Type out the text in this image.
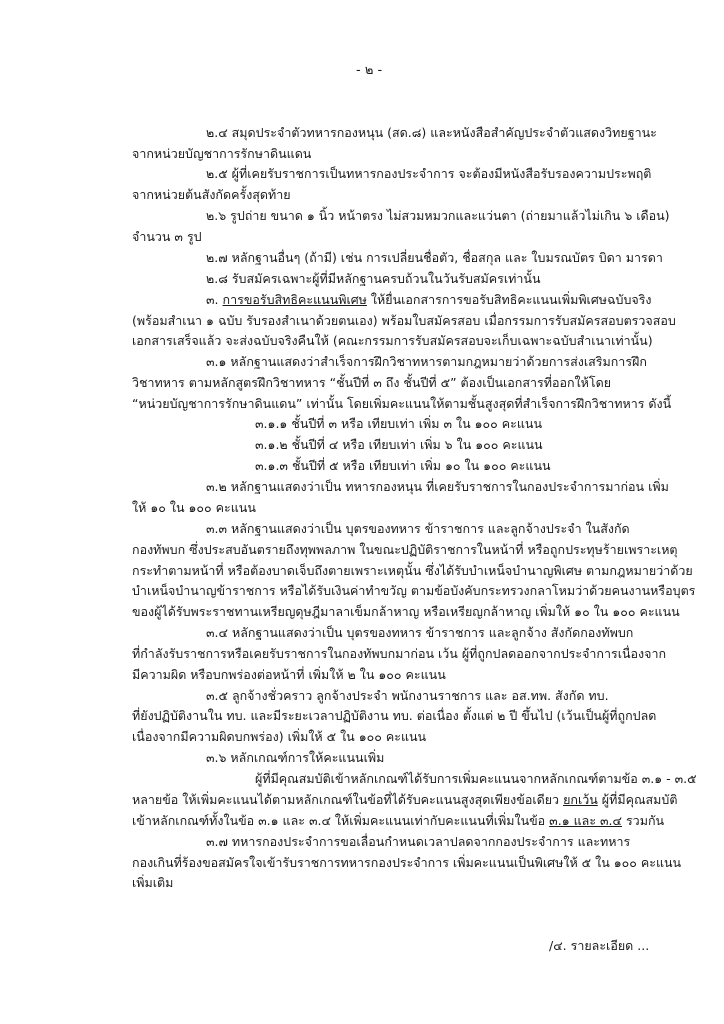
- ๒ -
๒.๔ สมุดประจำตัวทหารกองหนุน (สด.๘) และหนังสือสำคัญประจำตัวแสดงวิทยฐานะ
จากหน่วยบัญชาการรักษาดินแดน
๒.๕ ผู้ที่เคยรับราชการเป็นทหารกองประจำการ จะต้องมีหนังสือรับรองความประพฤติ
จากหน่วยต้นสังกัดครั้งสุดท้าย
๒.๖ รูปถ่าย ขนาด ๑ นิ้ว หน้าตรง ไม่สวมหมวกและแว่นตา (ถ่ายมาแล้วไม่เกิน ๖ เดือน)
จำนวน ๓ รูป
๒.๗ หลักฐานอื่นๆ (ถ้ามี) เช่น การเปลี่ยนชื่อตัว, ชื่อสกุล และ ใบมรณบัตร บิดา มารดา
๒.๘ รับสมัครเฉพาะผู้ที่มีหลักฐานครบถ้วนในวันรับสมัครเท่านั้น
๓. การขอรับสิทธิคะแนนพิเศษ ให้ยื่นเอกสารการขอรับสิทธิคะแนนเพิ่มพิเศษฉบับจริง
(พร้อมสำเนา ๑ ฉบับ รับรองสำเนาด้วยตนเอง) พร้อมใบสมัครสอบ เมื่อกรรมการรับสมัครสอบตรวจสอบ
เอกสารเสร็จแล้ว จะส่งฉบับจริงคืนให้ (คณะกรรมการรับสมัครสอบจะเก็บเฉพาะฉบับสำเนาเท่านั้น)
๓.๑ หลักฐานแสดงว่าสำเร็จการฝึกวิชาทหารตามกฎหมายว่าด้วยการส่งเสริมการฝึก
วิชาทหาร ตามหลักสูตรฝึกวิชาทหาร “ชั้นปีที่ ๓ ถึง ชั้นปีที่ ๕” ต้องเป็นเอกสารที่ออกให้โดย
“หน่วยบัญชาการรักษาดินแดน” เท่านั้น โดยเพิ่มคะแนนให้ตามชั้นสูงสุดที่สำเร็จการฝึกวิชาทหาร ดังนี้
๓.๑.๑ ชั้นปีที่ ๓ หรือ เทียบเท่า เพิ่ม ๓ ใน ๑๐๐ คะแนน
๓.๑.๒ ชั้นปีที่ ๔ หรือ เทียบเท่า เพิ่ม ๖ ใน ๑๐๐ คะแนน
๓.๑.๓ ชั้นปีที่ ๕ หรือ เทียบเท่า เพิ่ม ๑๐ ใน ๑๐๐ คะแนน
๓.๒ หลักฐานแสดงว่าเป็น ทหารกองหนุน ที่เคยรับราชการในกองประจำการมาก่อน เพิ่ม
ให้ ๑๐ ใน ๑๐๐ คะแนน
๓.๓ หลักฐานแสดงว่าเป็น บุตรของทหาร ข้าราชการ และลูกจ้างประจำ ในสังกัด
กองทัพบก ซึ่งประสบอันตรายถึงทุพพลภาพ ในขณะปฏิบัติราชการในหน้าที่ หรือถูกประทุษร้ายเพราะเหตุ
กระทำตามหน้าที่ หรือต้องบาดเจ็บถึงตายเพราะเหตุนั้น ซึ่งได้รับบำเหน็จบำนาญพิเศษ ตามกฎหมายว่าด้วย
บำเหน็จบำนาญข้าราชการ หรือได้รับเงินค่าทำขวัญ ตามข้อบังคับกระทรวงกลาโหมว่าด้วยคนงานหรือบุตร
ของผู้ได้รับพระราชทานเหรียญดุษฎีมาลาเข็มกล้าหาญ หรือเหรียญกล้าหาญ เพิ่มให้ ๑๐ ใน ๑๐๐ คะแนน
๓.๔ หลักฐานแสดงว่าเป็น บุตรของทหาร ข้าราชการ และลูกจ้าง สังกัดกองทัพบก
ที่กำลังรับราชการหรือเคยรับราชการในกองทัพบกมาก่อน เว้น ผู้ที่ถูกปลดออกจากประจำการเนื่องจาก
มีความผิด หรือบกพร่องต่อหน้าที่ เพิ่มให้ ๒ ใน ๑๐๐ คะแนน
๓.๕ ลูกจ้างชั่วคราว ลูกจ้างประจำ พนักงานราชการ และ อส.ทพ. สังกัด ทบ.
ที่ยังปฏิบัติงานใน ทบ. และมีระยะเวลาปฏิบัติงาน ทบ. ต่อเนื่อง ตั้งแต่ ๒ ปี ขึ้นไป (เว้นเป็นผู้ที่ถูกปลด
เนื่องจากมีความผิดบกพร่อง) เพิ่มให้ ๕ ใน ๑๐๐ คะแนน
๓.๖ หลักเกณฑ์การให้คะแนนเพิ่ม
ผู้ที่มีคุณสมบัติเข้าหลักเกณฑ์ได้รับการเพิ่มคะแนนจากหลักเกณฑ์ตามข้อ ๓.๑ - ๓.๕
หลายข้อ ให้เพิ่มคะแนนได้ตามหลักเกณฑ์ในข้อที่ได้รับคะแนนสูงสุดเพียงข้อเดียว ยกเว้น ผู้ที่มีคุณสมบัติ
เข้าหลักเกณฑ์ทั้งในข้อ ๓.๑ และ ๓.๔ ให้เพิ่มคะแนนเท่ากับคะแนนที่เพิ่มในข้อ ๓.๑ และ ๓.๔ รวมกัน
๓.๗ ทหารกองประจำการขอเลื่อนกำหนดเวลาปลดจากกองประจำการ และทหาร
กองเกินที่ร้องขอสมัครใจเข้ารับราชการทหารกองประจำการ เพิ่มคะแนนเป็นพิเศษให้ ๕ ใน ๑๐๐ คะแนน
เพิ่มเติม
/๔. รายละเอียด ...
